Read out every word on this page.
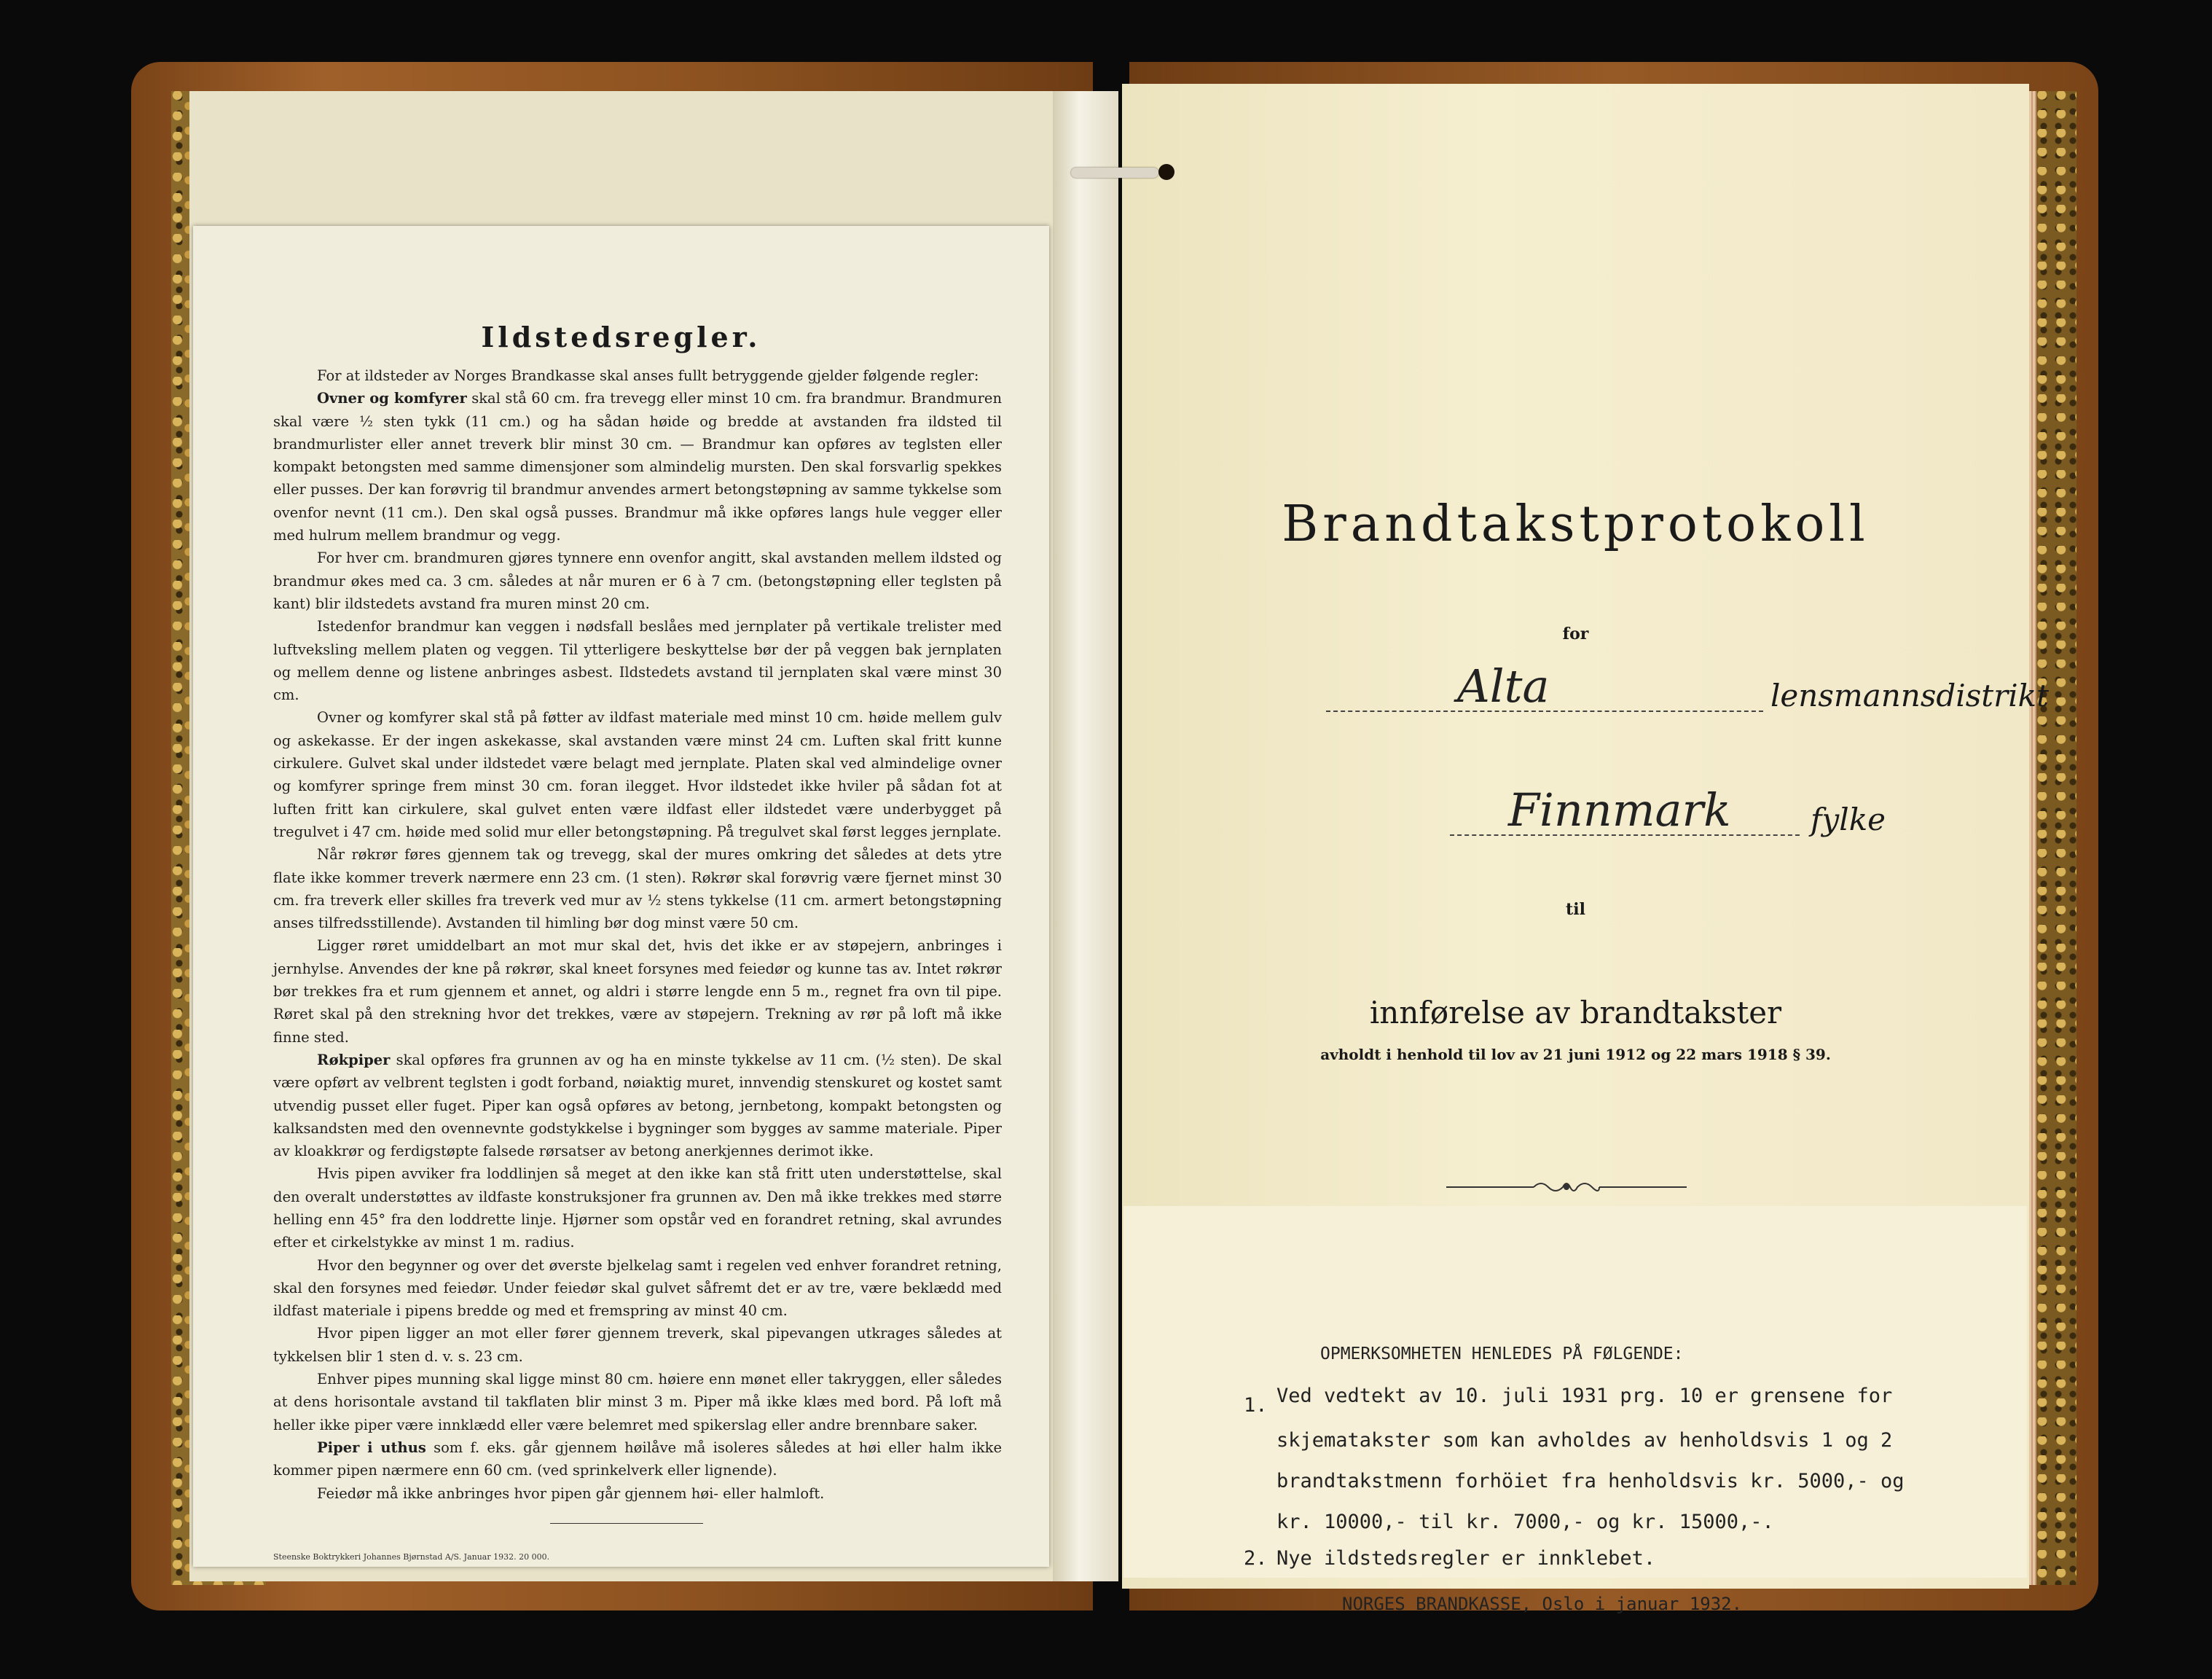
Ildstedsregler.

For at ildsteder av Norges Brandkasse skal anses fullt betryggende gjelder følgende regler:

Ovner og komfyrer skal stå 60 cm. fra trevegg eller minst 10 cm. fra brandmur. Brandmuren skal være ½ sten tykk (11 cm.) og ha sådan høide og bredde at avstanden fra ildsted til brandmurlister eller annet treverk blir minst 30 cm. — Brandmur kan opføres av teglsten eller kompakt betongsten med samme dimensjoner som almindelig mursten. Den skal forsvarlig spekkes eller pusses. Der kan forøvrig til brandmur anvendes armert betongstøpning av samme tykkelse som ovenfor nevnt (11 cm.). Den skal også pusses. Brandmur må ikke opføres langs hule vegger eller med hulrum mellem brandmur og vegg.

For hver cm. brandmuren gjøres tynnere enn ovenfor angitt, skal avstanden mellem ildsted og brandmur økes med ca. 3 cm. således at når muren er 6 à 7 cm. (betongstøpning eller teglsten på kant) blir ildstedets avstand fra muren minst 20 cm.

Istedenfor brandmur kan veggen i nødsfall beslåes med jernplater på vertikale trelister med luftveksling mellem platen og veggen. Til ytterligere beskyttelse bør der på veggen bak jernplaten og mellem denne og listene anbringes asbest. Ildstedets avstand til jernplaten skal være minst 30 cm.

Ovner og komfyrer skal stå på føtter av ildfast materiale med minst 10 cm. høide mellem gulv og askekasse. Er der ingen askekasse, skal avstanden være minst 24 cm. Luften skal fritt kunne cirkulere. Gulvet skal under ildstedet være belagt med jernplate. Platen skal ved almindelige ovner og komfyrer springe frem minst 30 cm. foran ilegget. Hvor ildstedet ikke hviler på sådan fot at luften fritt kan cirkulere, skal gulvet enten være ildfast eller ildstedet være underbygget på tregulvet i 47 cm. høide med solid mur eller betongstøpning. På tregulvet skal først legges jernplate.

Når røkrør føres gjennem tak og trevegg, skal der mures omkring det således at dets ytre flate ikke kommer treverk nærmere enn 23 cm. (1 sten). Røkrør skal forøvrig være fjernet minst 30 cm. fra treverk eller skilles fra treverk ved mur av ½ stens tykkelse (11 cm. armert betongstøpning anses tilfredsstillende). Avstanden til himling bør dog minst være 50 cm.

Ligger røret umiddelbart an mot mur skal det, hvis det ikke er av støpejern, anbringes i jernhylse. Anvendes der kne på røkrør, skal kneet forsynes med feiedør og kunne tas av. Intet røkrør bør trekkes fra et rum gjennem et annet, og aldri i større lengde enn 5 m., regnet fra ovn til pipe. Røret skal på den strekning hvor det trekkes, være av støpejern. Trekning av rør på loft må ikke finne sted.

Røkpiper skal opføres fra grunnen av og ha en minste tykkelse av 11 cm. (½ sten). De skal være opført av velbrent teglsten i godt forband, nøiaktig muret, innvendig stenskuret og kostet samt utvendig pusset eller fuget. Piper kan også opføres av betong, jernbetong, kompakt betongsten og kalksandsten med den ovennevnte godstykkelse i bygninger som bygges av samme materiale. Piper av kloakkrør og ferdigstøpte falsede rørsatser av betong anerkjennes derimot ikke.

Hvis pipen avviker fra loddlinjen så meget at den ikke kan stå fritt uten understøttelse, skal den overalt understøttes av ildfaste konstruksjoner fra grunnen av. Den må ikke trekkes med større helling enn 45° fra den loddrette linje. Hjørner som opstår ved en forandret retning, skal avrundes efter et cirkelstykke av minst 1 m. radius.

Hvor den begynner og over det øverste bjelkelag samt i regelen ved enhver forandret retning, skal den forsynes med feiedør. Under feiedør skal gulvet såfremt det er av tre, være beklædd med ildfast materiale i pipens bredde og med et fremspring av minst 40 cm.

Hvor pipen ligger an mot eller fører gjennem treverk, skal pipevangen utkrages således at tykkelsen blir 1 sten d. v. s. 23 cm.

Enhver pipes munning skal ligge minst 80 cm. høiere enn mønet eller takryggen, eller således at dens horisontale avstand til takflaten blir minst 3 m. Piper må ikke klæs med bord. På loft må heller ikke piper være innklædd eller være belemret med spikerslag eller andre brennbare saker.

Piper i uthus som f. eks. går gjennem høilåve må isoleres således at høi eller halm ikke kommer pipen nærmere enn 60 cm. (ved sprinkelverk eller lignende).

Feiedør må ikke anbringes hvor pipen går gjennem høi- eller halmloft.

Steenske Boktrykkeri Johannes Bjørnstad A/S. Januar 1932. 20 000.
Brandtakstprotokoll
for
Alta	lensmannsdistrikt
Finnmark	fylke
til
innførelse av brandtakster
avholdt i henhold til lov av 21 juni 1912 og 22 mars 1918 § 39.
OPMERKSOMHETEN HENLEDES PÅ FØLGENDE:
1. Ved vedtekt av 10. juli 1931 prg. 10 er grensene for
skjematakster som kan avholdes av henholdsvis 1 og 2
brandtakstmenn forhöiet fra henholdsvis kr. 5000,- og
kr. 10000,- til kr. 7000,- og kr. 15000,-.
2. Nye ildstedsregler er innklebet.
NORGES BRANDKASSE, Oslo i januar 1932.
